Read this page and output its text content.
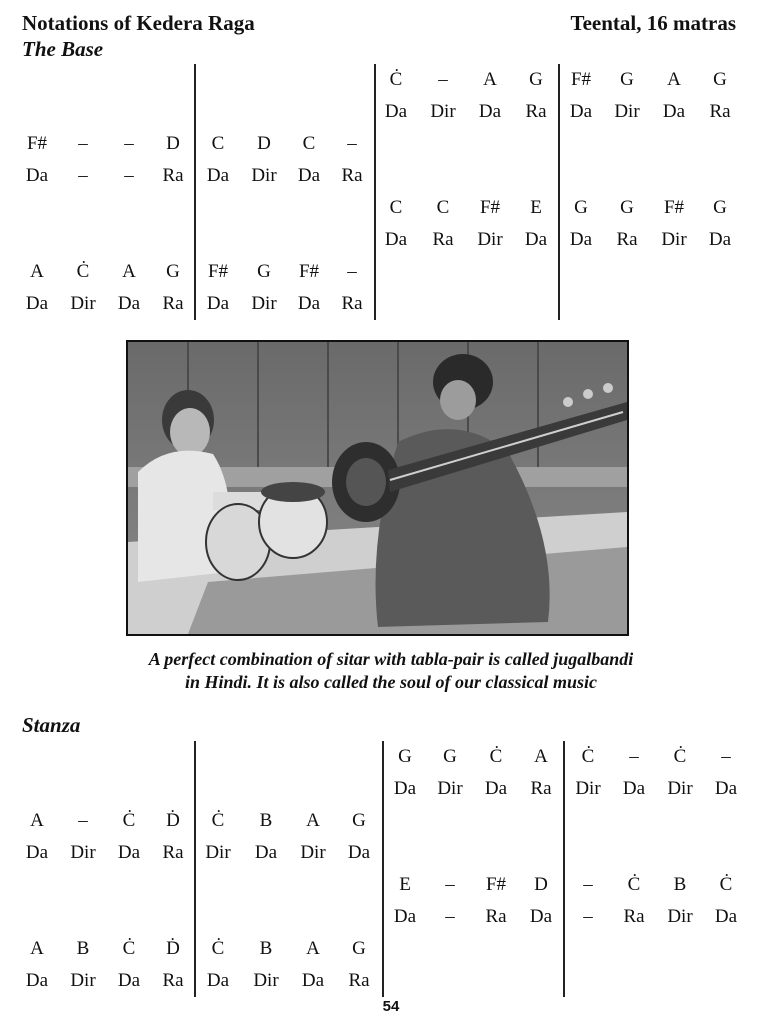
Notations of Kedera Raga	Teental, 16 matras
The Base
Ċ	–	A	G	F#	G	A	G
Da	Dir	Da	Ra	Da	Dir	Da	Ra
F#	–	–	D	C	D	C	–
Da	–	–	Ra	Da	Dir	Da	Ra
C	C	F#	E	G	G	F#	G
Da	Ra	Dir	Da	Da	Ra	Dir	Da
A	Ċ	A	G	F#	G	F#	–
Da	Dir	Da	Ra	Da	Dir	Da	Ra
A perfect combination of sitar with tabla-pair is called jugalbandi
in Hindi. It is also called the soul of our classical music
Stanza
G	G	Ċ	A	Ċ	–	Ċ	–
Da	Dir	Da	Ra	Dir	Da	Dir	Da
A	–	Ċ	Ḋ	Ċ	B	A	G
Da	Dir	Da	Ra	Dir	Da	Dir	Da
E	–	F#	D	–	Ċ	B	Ċ
Da	–	Ra	Da	–	Ra	Dir	Da
A	B	Ċ	Ḋ	Ċ	B	A	G
Da	Dir	Da	Ra	Da	Dir	Da	Ra
54
